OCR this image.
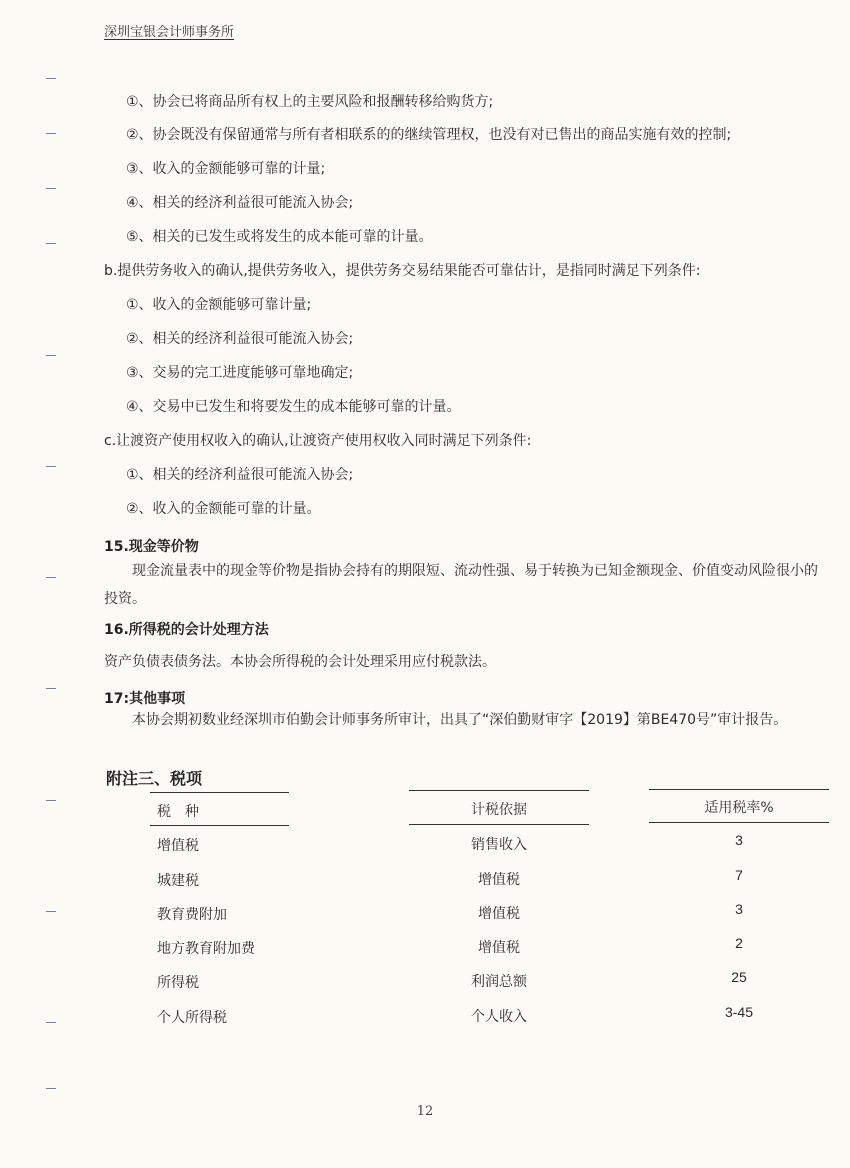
深圳宝银会计师事务所
①、协会已将商品所有权上的主要风险和报酬转移给购货方;
②、协会既没有保留通常与所有者相联系的的继续管理权，也没有对已售出的商品实施有效的控制;
③、收入的金额能够可靠的计量;
④、相关的经济利益很可能流入协会;
⑤、相关的已发生或将发生的成本能可靠的计量。
b.提供劳务收入的确认,提供劳务收入，提供劳务交易结果能否可靠估计，是指同时满足下列条件:
①、收入的金额能够可靠计量;
②、相关的经济利益很可能流入协会;
③、交易的完工进度能够可靠地确定;
④、交易中已发生和将要发生的成本能够可靠的计量。
c.让渡资产使用权收入的确认,让渡资产使用权收入同时满足下列条件:
①、相关的经济利益很可能流入协会;
②、收入的金额能可靠的计量。
15.现金等价物
现金流量表中的现金等价物是指协会持有的期限短、流动性强、易于转换为已知金额现金、价值变动风险很小的投资。
16.所得税的会计处理方法
资产负债表债务法。本协会所得税的会计处理采用应付税款法。
17:其他事项
本协会期初数业经深圳市伯勤会计师事务所审计，出具了“深伯勤财审字【2019】第BE470号”审计报告。
附注三、税项
税　种	计税依据	适用税率%
增值税	销售收入	3
城建税	增值税	7
教育费附加	增值税	3
地方教育附加费	增值税	2
所得税	利润总额	25
个人所得税	个人收入	3-45
12
